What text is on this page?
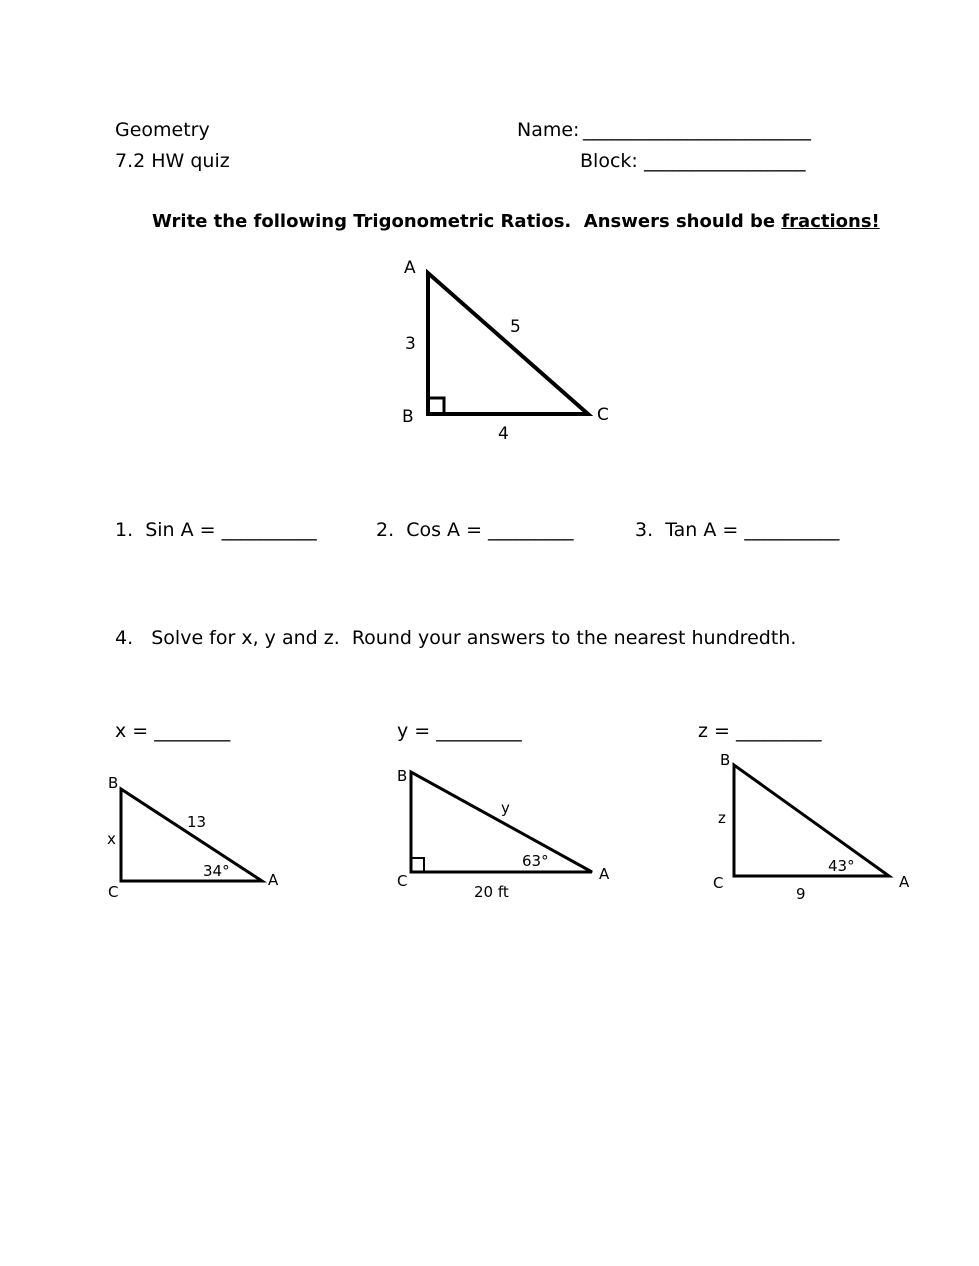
Geometry
7.2 HW quiz
Name: ________________________
Block: _________________
Write the following Trigonometric Ratios.  Answers should be fractions!
A
B	C
3
5
4
1.  Sin A = __________	2.  Cos A = _________	3.  Tan A = __________
4.   Solve for x, y and z.  Round your answers to the nearest hundredth.
x = ________	y = _________	z = _________
B
x
C
13
34°	A
B
y
63°
C	A
20 ft
B
z
C
43°
A
9
